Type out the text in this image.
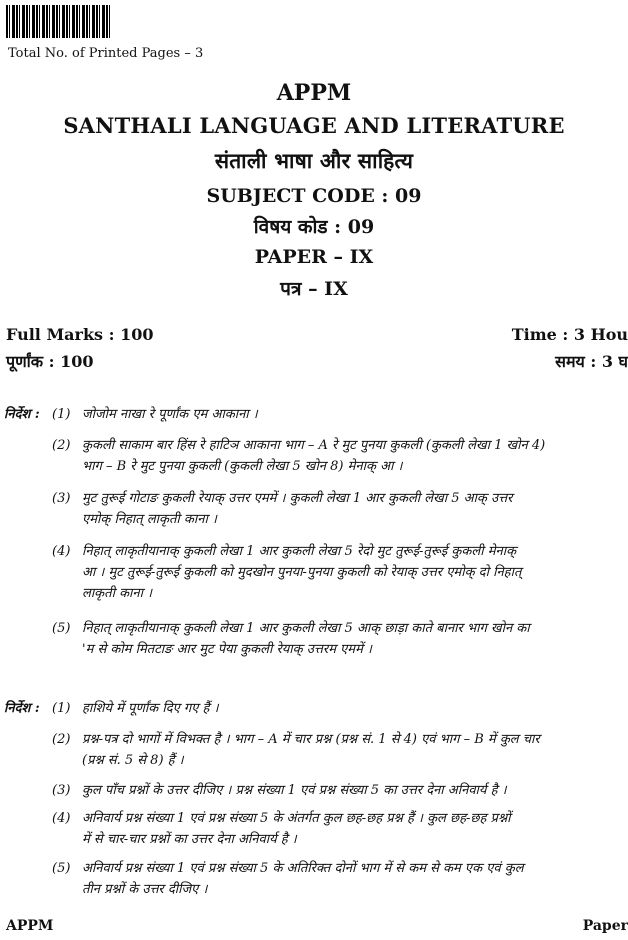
Total No. of Printed Pages – 3
APPM
SANTHALI LANGUAGE AND LITERATURE
संताली भाषा और साहित्य
SUBJECT CODE : 09
विषय कोड : 09
PAPER – IX
पत्र – IX
Full Marks : 100
पूर्णांक : 100
Time : 3 Hou
समय : 3 घ
निर्देश : (1) जोजोम नाखा रे पूर्णांक एम आकाना ।
(2) कुकली साकाम बार हिंस रे हाटिञ आकाना भाग – A रे मुट पुनया कुकली (कुकली लेखा 1 खोन 4)
भाग – B रे मुट पुनया कुकली (कुकली लेखा 5 खोन 8) मेनाक् आ ।
(3) मुट तुरूई गोटाङ कुकली रेयाक् उत्तर एममें । कुकली लेखा 1 आर कुकली लेखा 5 आक् उत्तर
एमोक् निहात् लाकृती काना ।
(4) निहात् लाकृतीयानाक् कुकली लेखा 1 आर कुकली लेखा 5 रेदो मुट तुरूई-तुरूई कुकली मेनाक्
आ । मुट तुरूई-तुरूई कुकली को मुदखोन पुनया-पुनया कुकली को रेयाक् उत्तर एमोक् दो निहात्
लाकृती काना ।
(5) निहात् लाकृतीयानाक् कुकली लेखा 1 आर कुकली लेखा 5 आक् छाड़ा काते बानार भाग खोन का
'म से कोम मितटाङ आर मुट पेया कुकली रेयाक् उत्तरम एममें ।
निर्देश : (1) हाशिये में पूर्णांक दिए गए हैं ।
(2) प्रश्न-पत्र दो भागों में विभक्त है । भाग – A में चार प्रश्न (प्रश्न सं. 1 से 4) एवं भाग – B में कुल चार
(प्रश्न सं. 5 से 8) हैं ।
(3) कुल पाँच प्रश्नों के उत्तर दीजिए । प्रश्न संख्या 1 एवं प्रश्न संख्या 5 का उत्तर देना अनिवार्य है ।
(4) अनिवार्य प्रश्न संख्या 1 एवं प्रश्न संख्या 5 के अंतर्गत कुल छह-छह प्रश्न हैं । कुल छह-छह प्रश्नों
में से चार-चार प्रश्नों का उत्तर देना अनिवार्य है ।
(5) अनिवार्य प्रश्न संख्या 1 एवं प्रश्न संख्या 5 के अतिरिक्त दोनों भाग में से कम से कम एक एवं कुल
तीन प्रश्नों के उत्तर दीजिए ।
APPM	Paper
